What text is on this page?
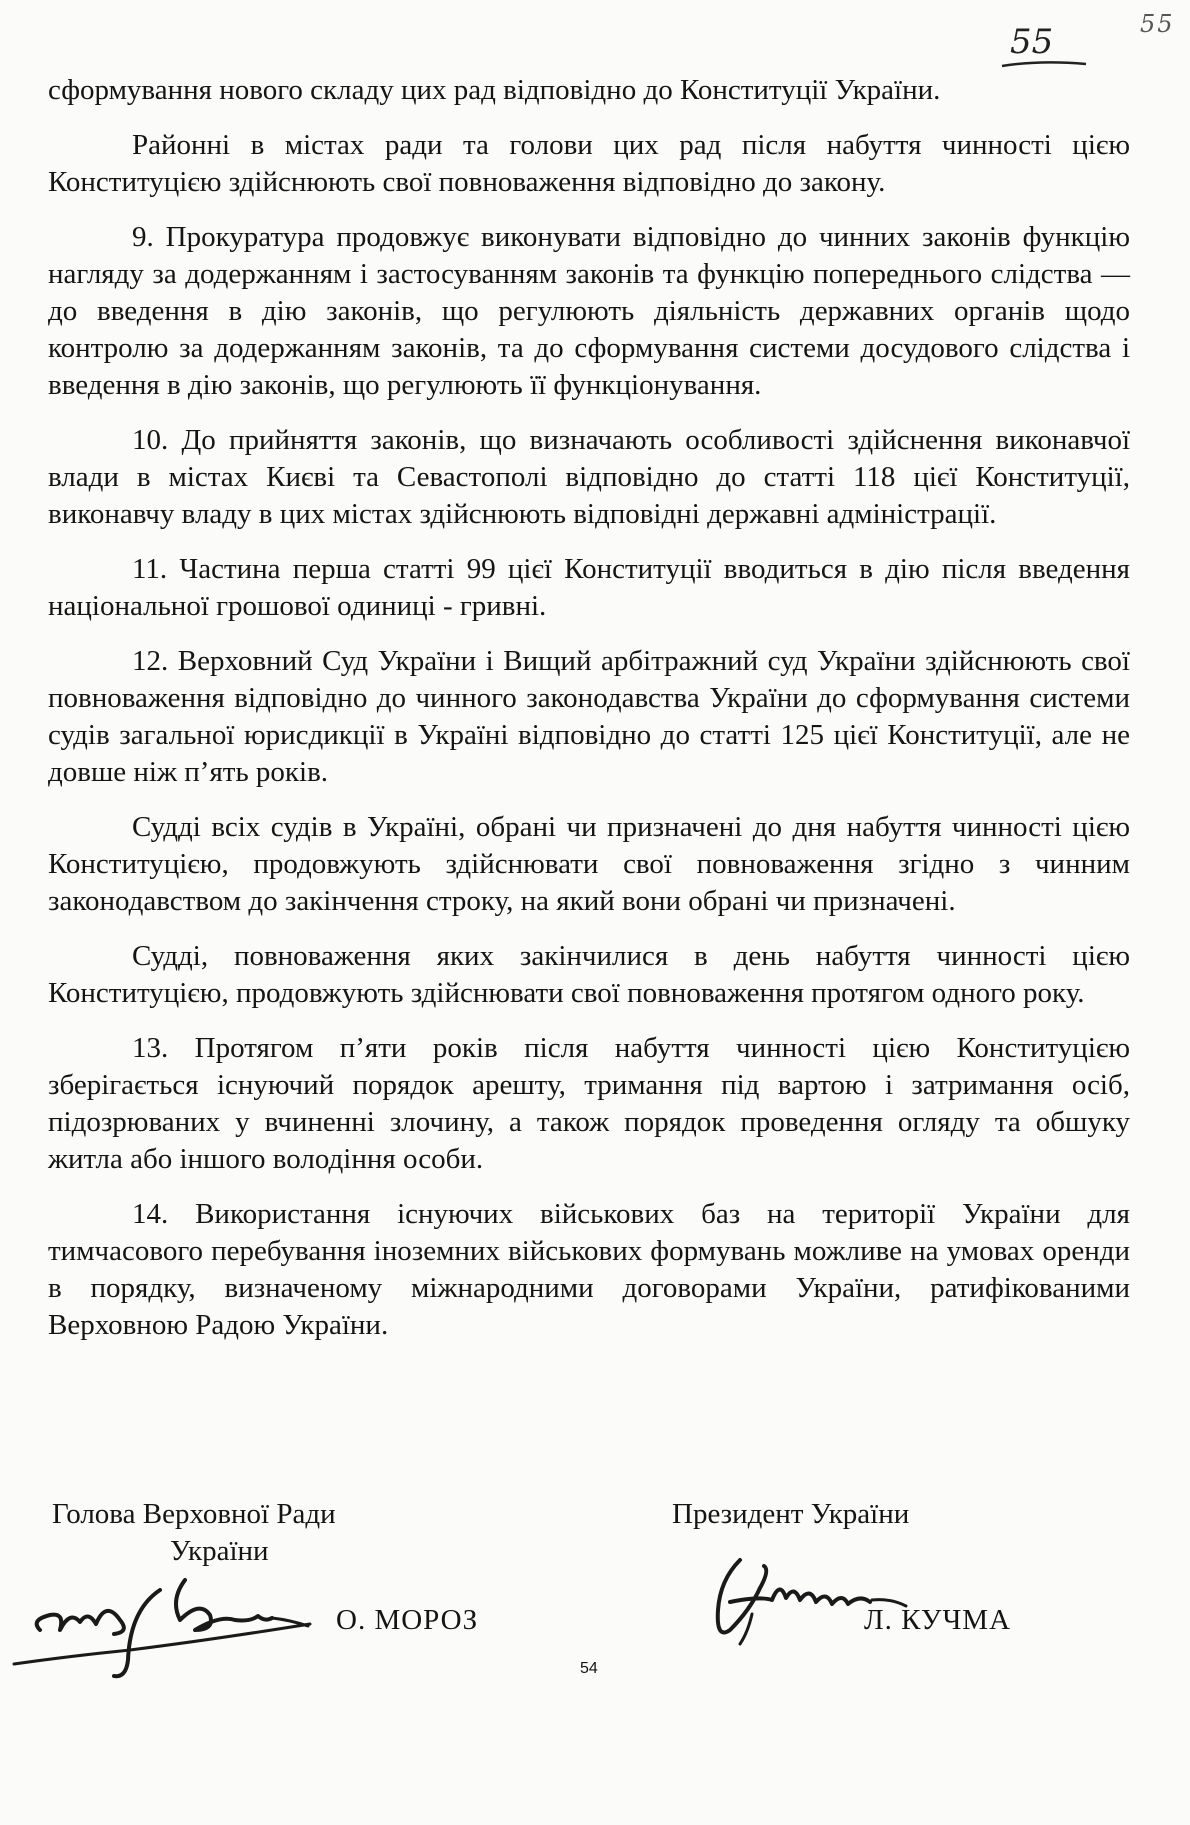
55	55

сформування нового складу цих рад відповідно до Конституції України.

Районні в містах ради та голови цих рад після набуття чинності цією Конституцією здійснюють свої повноваження відповідно до закону.

9. Прокуратура продовжує виконувати відповідно до чинних законів функцію нагляду за додержанням і застосуванням законів та функцію попереднього слідства — до введення в дію законів, що регулюють діяльність державних органів щодо контролю за додержанням законів, та до сформування системи досудового слідства і введення в дію законів, що регулюють її функціонування.

10. До прийняття законів, що визначають особливості здійснення виконавчої влади в містах Києві та Севастополі відповідно до статті 118 цієї Конституції, виконавчу владу в цих містах здійснюють відповідні державні адміністрації.

11. Частина перша статті 99 цієї Конституції вводиться в дію після введення національної грошової одиниці - гривні.

12. Верховний Суд України і Вищий арбітражний суд України здійснюють свої повноваження відповідно до чинного законодавства України до сформування системи судів загальної юрисдикції в Україні відповідно до статті 125 цієї Конституції, але не довше ніж п’ять років.

Судді всіх судів в Україні, обрані чи призначені до дня набуття чинності цією Конституцією, продовжують здійснювати свої повноваження згідно з чинним законодавством до закінчення строку, на який вони обрані чи призначені.

Судді, повноваження яких закінчилися в день набуття чинності цією Конституцією, продовжують здійснювати свої повноваження протягом одного року.

13. Протягом п’яти років після набуття чинності цією Конституцією зберігається існуючий порядок арешту, тримання під вартою і затримання осіб, підозрюваних у вчиненні злочину, а також порядок проведення огляду та обшуку житла або іншого володіння особи.

14. Використання існуючих військових баз на території України для тимчасового перебування іноземних військових формувань можливе на умовах оренди в порядку, визначеному міжнародними договорами України, ратифікованими Верховною Радою України.

Голова Верховної Ради
України
О. МОРОЗ
Президент України
Л. КУЧМА
54
